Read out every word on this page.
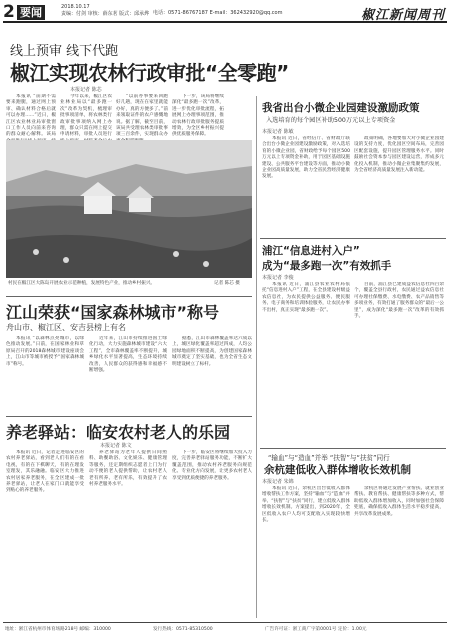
2 要闻	2018.10.17
责编：付剑 审核：薛东茗 版式：邱承烨 电话：0571-86767187 E-mail：362432920@qq.com	椒江新闻周刊
线上预审 线下代跑
椒江实现农林行政审批“全零跑”
本报记者 陈芯

本报讯 “前期不需要来跑腿，通过网上预审、确认材料合格后就可以办理……”近日，椒江区农业林业局审批窗口工作人员向前来咨询的群众耐心解释。该局

今年以来，椒江区农业林业局以“最多跑一次”改革为契机，梳理审批事项清单，将农林类行政审批事项纳入网上办理，群众只需在网上提交申请材料，审批人员进行

“以前办事要来回跑好几趟，现在在家里就能办好，真的方便多了。”前来领取证件的农户感慨地说。据了解，截至目前，该局共受理农林类审批事项三百余件，实现群众办

下一步，该局将继续深化“最多跑一次”改革，进一步优化审批流程，拓展网上办理事项范围，推动农林行政审批服务提质增效，为全区乡村振兴提供优质服务保障。

村民在椒江区大陈岛开展农业示范种植，发展特色产业，推动乡村振兴。	记者 陈芯 摄
江山荣获“国家森林城市”称号
舟山市、椒江区、安吉县榜上有名

本报讯 “以森林点亮城市，以绿色推动发展。”日前，在国家林业和草原局召开的2018森林城市建设座谈会上，江山市等城市被授予“国家森林城市”称号。

近年来，江山市持续推进国土绿化行动，大力实施森林城市建设“六大工程”，全市森林覆盖率不断提升，城乡绿化水平显著提高，生态环境持续改善，人民群众的获得感和幸福感不断增强。

据悉，江山市森林覆盖率达六成以上，城区绿化覆盖率超过四成，人均公园绿地面积不断提高，为创建国家森林城市奠定了坚实基础，也为全省生态文明建设树立了标杆。

养老驿站：临安农村老人的乐园
本报记者 陈文

本报讯 近日，记者走进临安区的农村养老驿站，看到老人们有的在看电视，有的在下棋聊天，有的在理发室理发，其乐融融。临安区大力推进农村居家养老服务，在全区建成一批养老驿站，让老人在家门口就能享受到贴心的养老服务。

养老驿站为老年人提供日间照料、助餐助浴、文化娱乐、健康管理等服务，还定期组织志愿者上门为行动不便的老人提供帮助，让农村老人老有所养、老有所乐，有效提升了农村养老服务水平。

下一步，临安区将继续加大投入力度，完善养老驿站服务功能，不断扩大覆盖范围，推动农村养老服务向规范化、专业化方向发展，让更多农村老人享受到优质便捷的养老服务。

我省出台小微企业园建设激励政策
入选培育的每个园区补助500万元以上专项资金
本报记者 陈敏

本报讯 近日，省经信厅、省财政厅联合出台小微企业园建设激励政策，对入选培育的小微企业园，省财政给予每个园区500万元以上专项资金补助，用于园区基础设施建设、公共服务平台建设等方面，推动小微企业园高质量发展，助力全省民营经济健康发展。

政策明确，各地要加大对小微企业园建设的支持力度，优化园区空间布局，完善园区配套设施，提升园区管理服务水平。同时鼓励社会资本参与园区建设运营，形成多元化投入机制，推动小微企业集聚集约发展，为全省经济高质量发展注入新动能。

浦江“信息进村入户”
成为“最多跑一次”有效抓手
本报记者 李俊

本报讯 近日，浦江县农业农村局依托“信息进村入户”工程，在全县建设村级益农信息社，为农民提供公益服务、便民服务、电子商务和培训体验服务，让农民办事不出村，真正实现“最多跑一次”。

目前，浦江县已建成益农信息社四百余个，覆盖全县行政村，农民通过益农信息社可办理社保缴费、水电缴费、农产品销售等多项业务，有效打通了服务群众的“最后一公里”，成为深化“最多跑一次”改革的有效抓手。

“输血”与“造血”并举 “扶智”与“扶贫”同行
余杭建低收入群体增收长效机制
本报记者 朱锦

本报讯 近日，余杭区出台低收入群体增收帮扶工作方案，坚持“输血”与“造血”并举、“扶智”与“扶贫”同行，建立低收入群体增收长效机制。方案提出，到2020年，全区低收入农户人均可支配收入实现较快增长。

余杭区将通过发展产业帮扶、就业创业帮扶、教育帮扶、健康帮扶等多种方式，帮助低收入群体增加收入，同时加强社会保障兜底，确保低收入群体生活水平稳步提高，共享改革发展成果。

地址：浙江省杭州市体育场路218号 邮编：310000	发行热线：0571-85310500	广告许可证：浙工商广字第0001号 定价：1.00元
